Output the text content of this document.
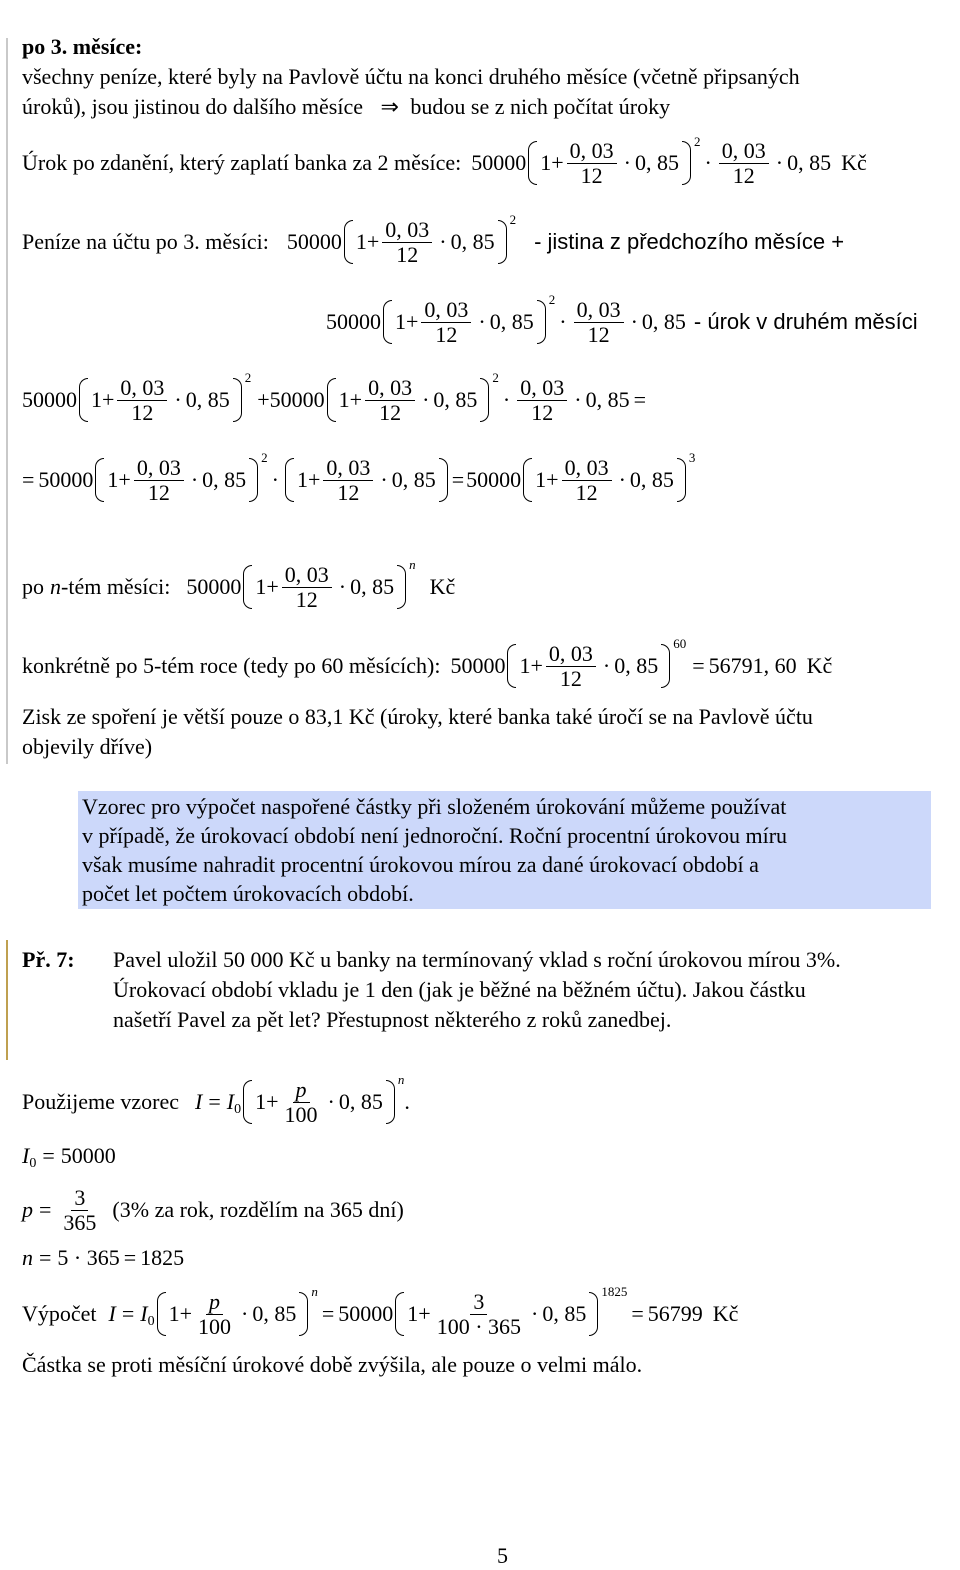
po 3. měsíce:
všechny peníze, které byly na Pavlově účtu na konci druhého měsíce (včetně připsaných
úroků), jsou jistinou do dalšího měsíce ⇒ budou se z nich počítat úroky
Úrok po zdanění, který zaplatí banka za 2 měsíce: 50000 $1 + \frac{0, 03}{12} \cdot 0$, 85
2
· $\frac{0, 03}{12} \cdot 0$, 85 Kč
Peníze na účtu po 3. měsíci: 50000 $1 + \frac{0, 03}{12} \cdot 0$, 85
2
- jistina z předchozího měsíce +
50000 $1 + \frac{0, 03}{12} \cdot 0$, 85
2
· $\frac{0, 03}{12} \cdot 0$, 85 - úrok v druhém měsíci
50000 $1 + \frac{0, 03}{12} \cdot 0$, 85
2
+ 50000 $1 + \frac{0, 03}{12} \cdot 0$, 85
2
· $\frac{0, 03}{12} \cdot 0$, 85 =
= 50000 $1 + \frac{0, 03}{12} \cdot 0$, 85
2
· $1 + \frac{0, 03}{12} \cdot 0$, 85 = 50000 $1 + \frac{0, 03}{12} \cdot 0$, 85
3
po n -tém měsíci: 50000 $1 + \frac{0, 03}{12} \cdot 0$, 85
n
Kč
konkrétně po 5-tém roce (tedy po 60 měsících): 50000 $1 + \frac{0, 03}{12} \cdot 0$, 85
60
= 56791, 60 Kč
Zisk ze spoření je větší pouze o 83,1 Kč (úroky, které banka také úročí se na Pavlově účtu
objevily dříve)
Vzorec pro výpočet naspořené částky při složeném úrokování můžeme používat
v případě, že úrokovací období není jednoroční. Roční procentní úrokovou míru
však musíme nahradit procentní úrokovou mírou za dané úrokovací období a
počet let počtem úrokovacích období.
Př. 7: Pavel uložil 50 000 Kč u banky na termínovaný vklad s roční úrokovou mírou 3%.
Úrokovací období vkladu je 1 den (jak je běžné na běžném účtu). Jakou částku
našetří Pavel za pět let? Přestupnost některého z roků zanedbej.
Použijeme vzorec I = I 0 $1 + \frac{p}{100} \cdot 0$, 85
n
.
I 0 = 50000
$p = \frac{3}{365} (3\%$ za rok, rozdělím na 365 dní)
n = 5 · 365 = 1825
Výpočet I = I 0 $1 + \frac{p}{100} \cdot 0$, 85
n
= 50000 $1 + \frac{3}{100 \cdot 365} \cdot 0$, 85
1825
= 56799 Kč
Částka se proti měsíční úrokové době zvýšila, ale pouze o velmi málo.
5
